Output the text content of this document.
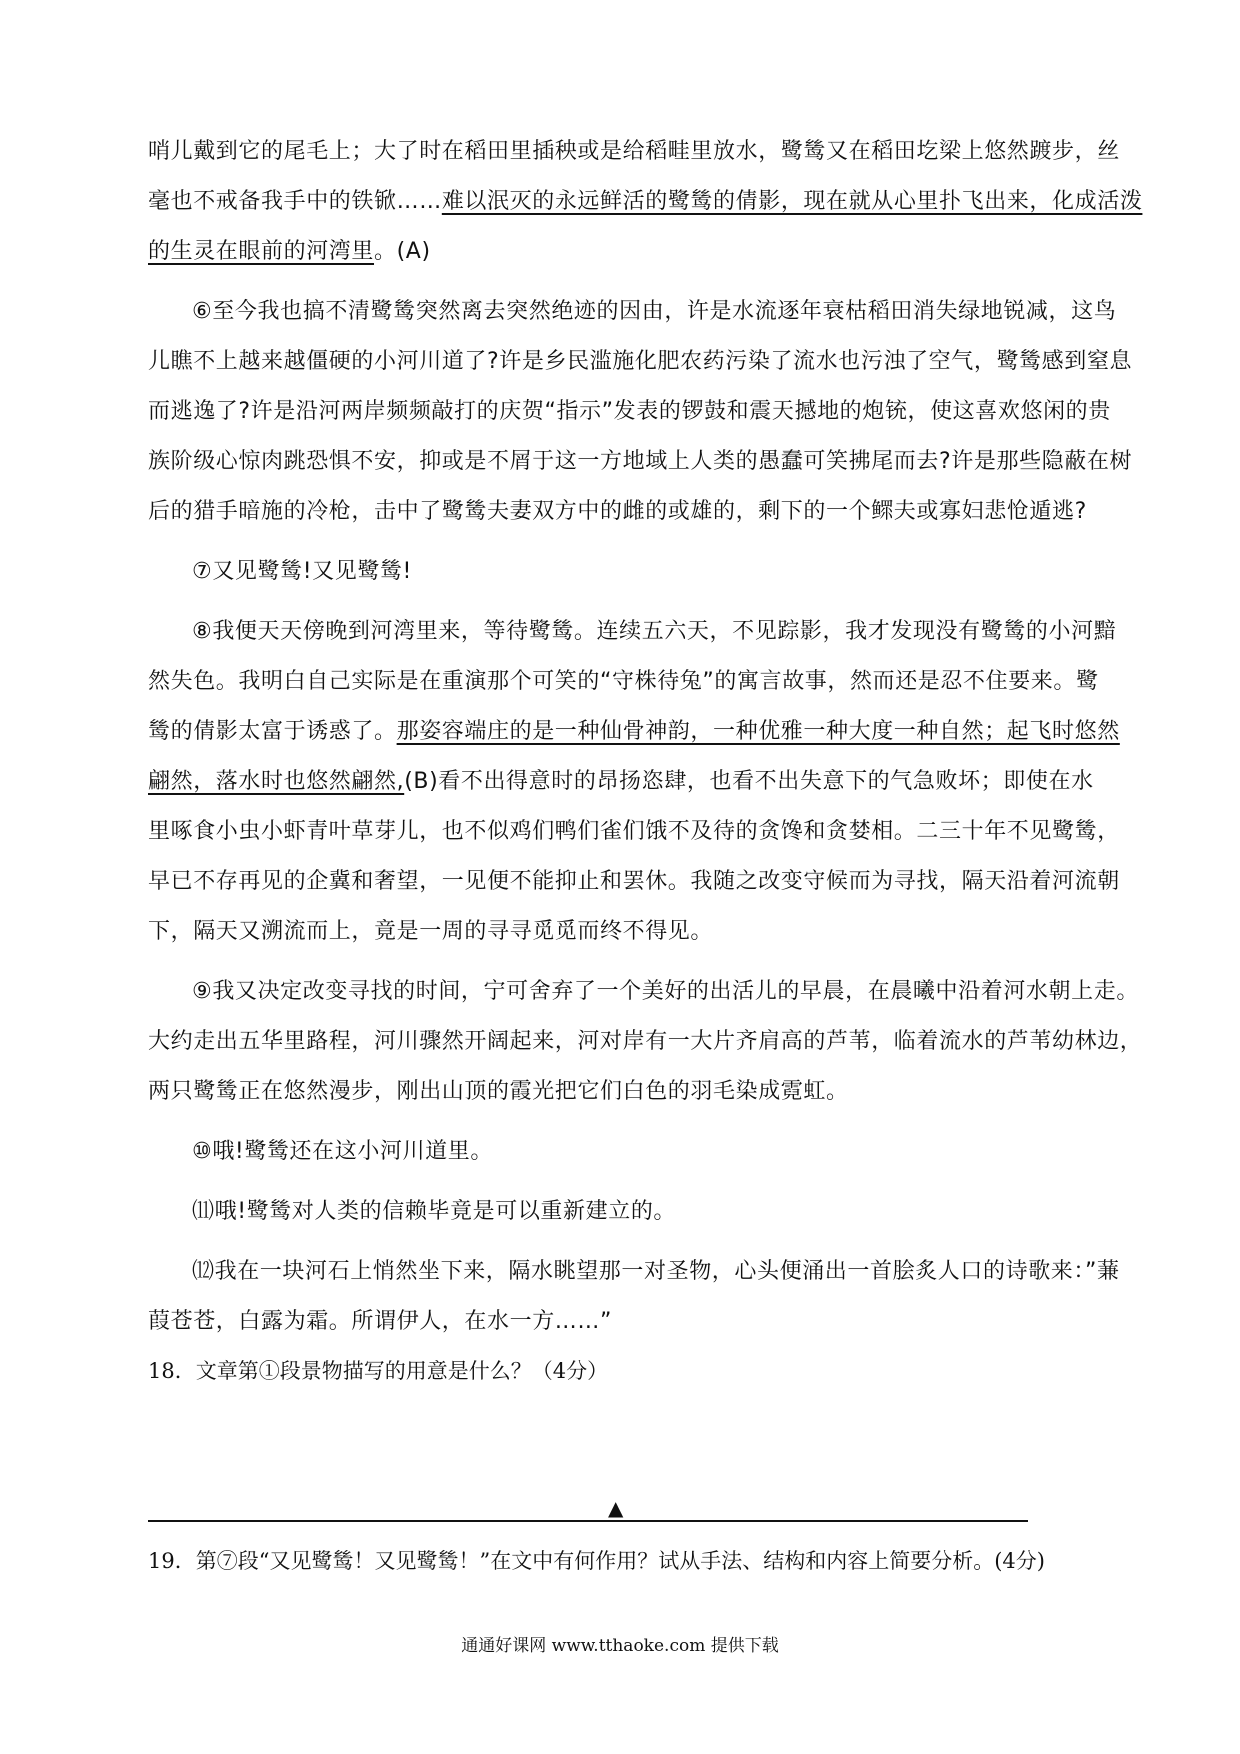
哨儿戴到它的尾毛上；大了时在稻田里插秧或是给稻畦里放水，鹭鸶又在稻田圪梁上悠然踱步，丝
毫也不戒备我手中的铁锨……难以泯灭的永远鲜活的鹭鸶的倩影，现在就从心里扑飞出来，化成活泼
的生灵在眼前的河湾里。(A)
⑥至今我也搞不清鹭鸶突然离去突然绝迹的因由，许是水流逐年衰枯稻田消失绿地锐减，这鸟
儿瞧不上越来越僵硬的小河川道了?许是乡民滥施化肥农药污染了流水也污浊了空气，鹭鸶感到窒息
而逃逸了?许是沿河两岸频频敲打的庆贺“指示”发表的锣鼓和震天撼地的炮铳，使这喜欢悠闲的贵
族阶级心惊肉跳恐惧不安，抑或是不屑于这一方地域上人类的愚蠢可笑拂尾而去?许是那些隐蔽在树
后的猎手暗施的冷枪，击中了鹭鸶夫妻双方中的雌的或雄的，剩下的一个鳏夫或寡妇悲怆遁逃?
⑦又见鹭鸶!又见鹭鸶!
⑧我便天天傍晚到河湾里来，等待鹭鸶。连续五六天，不见踪影，我才发现没有鹭鸶的小河黯
然失色。我明白自己实际是在重演那个可笑的“守株待兔”的寓言故事，然而还是忍不住要来。鹭
鸶的倩影太富于诱惑了。那姿容端庄的是一种仙骨神韵，一种优雅一种大度一种自然；起飞时悠然
翩然，落水时也悠然翩然,(B)看不出得意时的昂扬恣肆，也看不出失意下的气急败坏；即使在水
里啄食小虫小虾青叶草芽儿，也不似鸡们鸭们雀们饿不及待的贪馋和贪婪相。二三十年不见鹭鸶，
早已不存再见的企冀和奢望，一见便不能抑止和罢休。我随之改变守候而为寻找，隔天沿着河流朝
下，隔天又溯流而上，竟是一周的寻寻觅觅而终不得见。
⑨我又决定改变寻找的时间，宁可舍弃了一个美好的出活儿的早晨，在晨曦中沿着河水朝上走。
大约走出五华里路程，河川骤然开阔起来，河对岸有一大片齐肩高的芦苇，临着流水的芦苇幼林边，
两只鹭鸶正在悠然漫步，刚出山顶的霞光把它们白色的羽毛染成霓虹。
⑩哦!鹭鸶还在这小河川道里。
⑾哦!鹭鸶对人类的信赖毕竟是可以重新建立的。
⑿我在一块河石上悄然坐下来，隔水眺望那一对圣物，心头便涌出一首脍炙人口的诗歌来：”蒹
葭苍苍，白露为霜。所谓伊人，在水一方……”
18．文章第①段景物描写的用意是什么？（4分）
▲
19．第⑦段“又见鹭鸶！又见鹭鸶！”在文中有何作用？试从手法、结构和内容上简要分析。(4分)
通通好课网 www.tthaoke.com 提供下载
